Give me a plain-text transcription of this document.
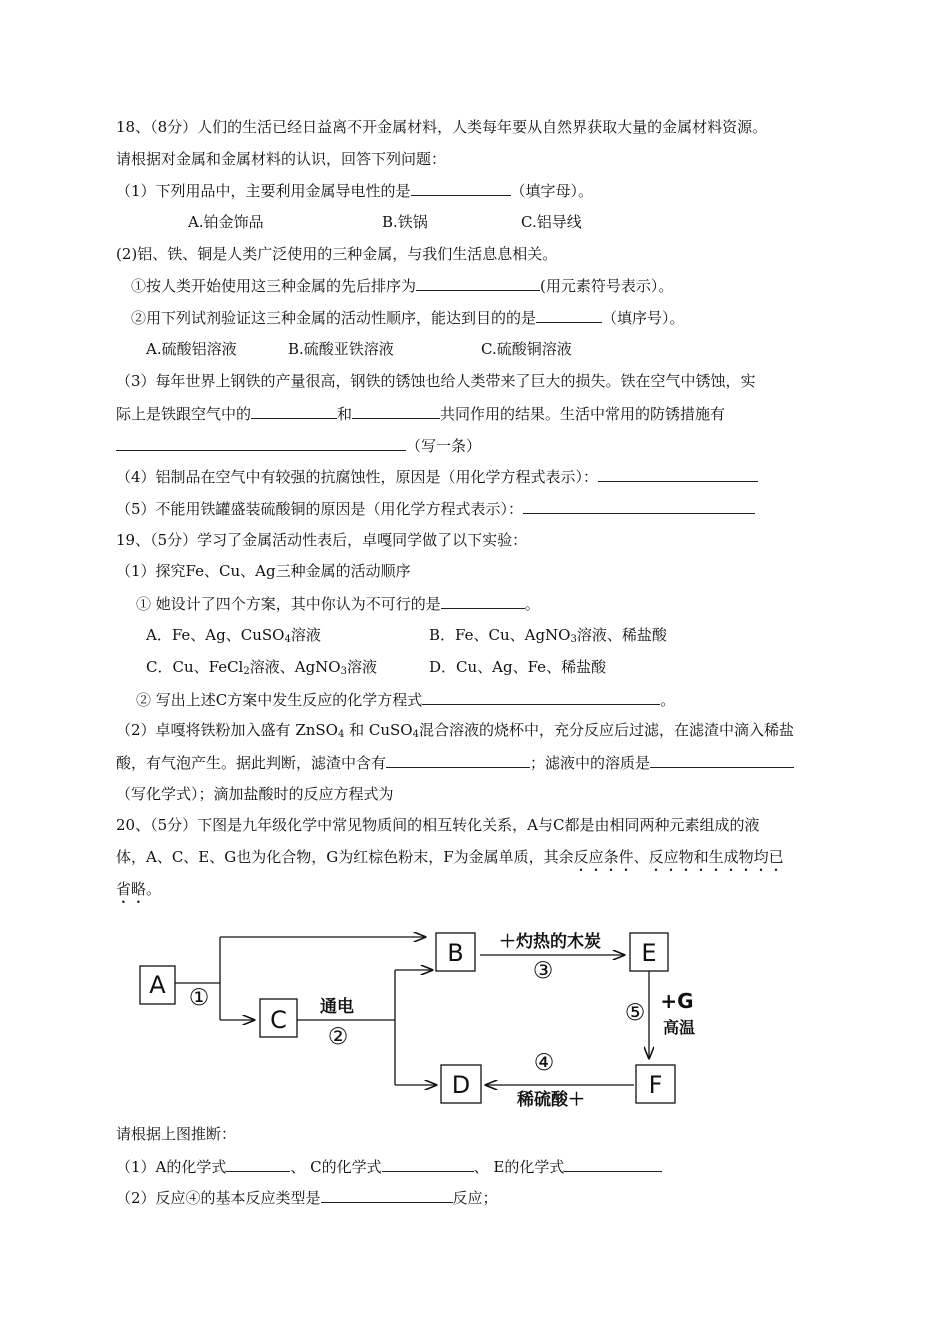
18、（8分）人们的生活已经日益离不开金属材料，人类每年要从自然界获取大量的金属材料资源。
请根据对金属和金属材料的认识，回答下列问题：
（1）下列用品中，主要利用金属导电性的是	（填字母）。
A.铂金饰品	B.铁锅	C.铝导线
(2)铝、铁、铜是人类广泛使用的三种金属，与我们生活息息相关。
①按人类开始使用这三种金属的先后排序为	(用元素符号表示）。
②用下列试剂验证这三种金属的活动性顺序，能达到目的的是	（填序号）。
A.硫酸铝溶液	B.硫酸亚铁溶液	C.硫酸铜溶液
（3）每年世界上钢铁的产量很高，钢铁的锈蚀也给人类带来了巨大的损失。铁在空气中锈蚀，实
际上是铁跟空气中的	和	共同作用的结果。生活中常用的防锈措施有
（写一条）
（4）铝制品在空气中有较强的抗腐蚀性，原因是（用化学方程式表示）：
（5）不能用铁罐盛装硫酸铜的原因是（用化学方程式表示）：
19、（5分）学习了金属活动性表后，卓嘎同学做了以下实验：
（1）探究Fe、Cu、Ag三种金属的活动顺序
① 她设计了四个方案，其中你认为不可行的是	。
A．Fe、Ag、CuSO$_4$溶液	B．Fe、Cu、AgNO$_3$溶液、稀盐酸
C．Cu、FeCl$_2$溶液、AgNO$_3$溶液	D．Cu、Ag、Fe、稀盐酸
② 写出上述C方案中发生反应的化学方程式	。
（2）卓嘎将铁粉加入盛有 ZnSO$_4$ 和 CuSO$_4$混合溶液的烧杯中，充分反应后过滤，在滤渣中滴入稀盐
酸，有气泡产生。据此判断，滤渣中含有	；滤液中的溶质是
（写化学式）；滴加盐酸时的反应方程式为
20、（5分）下图是九年级化学中常见物质间的相互转化关系，A与C都是由相同两种元素组成的液
体，A、C、E、G也为化合物，G为红棕色粉末，F为金属单质，其余反应条件、反应物和生成物均已
省略。
A
C
B	E
D	F
①	通电
②
＋灼热的木炭
③
⑤ +G
高温
④
稀硫酸＋
请根据上图推断：
（1）A的化学式	、 C的化学式	、 E的化学式
（2）反应④的基本反应类型是	反应；
